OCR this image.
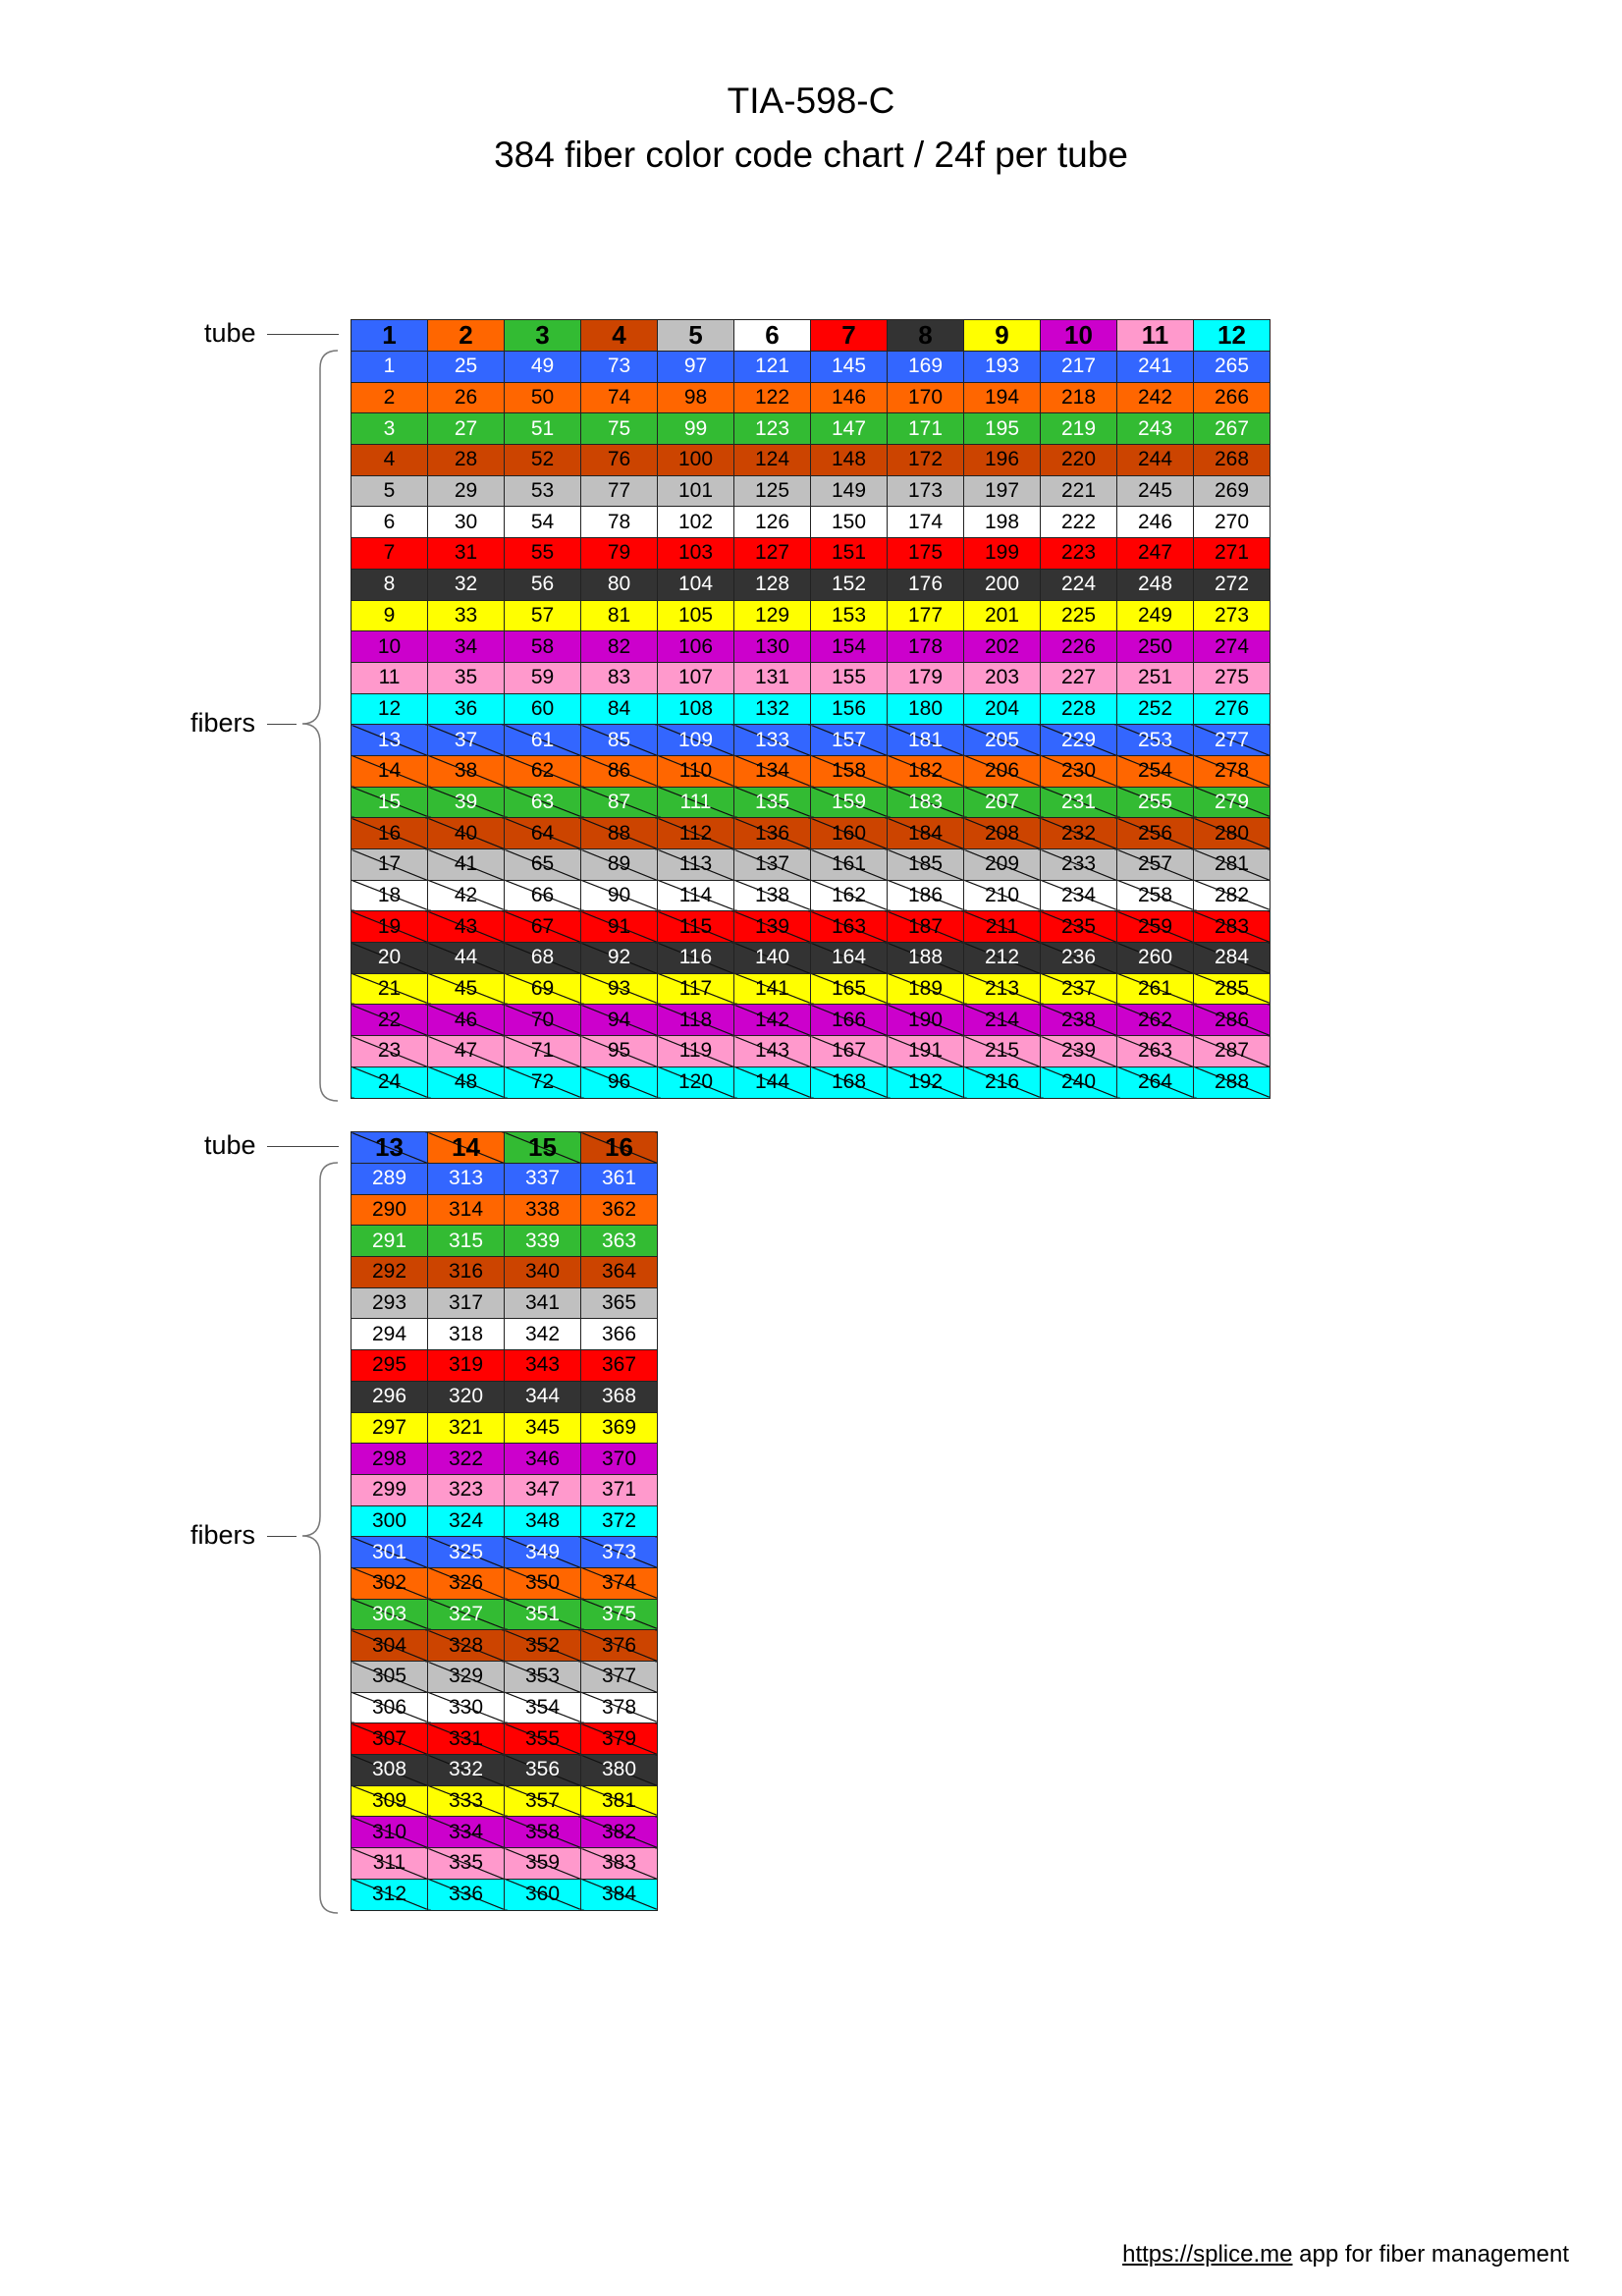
TIA-598-C
384 fiber color code chart / 24f per tube
tube
fibers
tube
fibers
1	2	3	4	5	6	7	8	9	10	11	12
1	25	49	73	97	121	145	169	193	217	241	265
2	26	50	74	98	122	146	170	194	218	242	266
3	27	51	75	99	123	147	171	195	219	243	267
4	28	52	76	100	124	148	172	196	220	244	268
5	29	53	77	101	125	149	173	197	221	245	269
6	30	54	78	102	126	150	174	198	222	246	270
7	31	55	79	103	127	151	175	199	223	247	271
8	32	56	80	104	128	152	176	200	224	248	272
9	33	57	81	105	129	153	177	201	225	249	273
10	34	58	82	106	130	154	178	202	226	250	274
11	35	59	83	107	131	155	179	203	227	251	275
12	36	60	84	108	132	156	180	204	228	252	276
13	37	61	85	109	133	157	181	205	229	253	277
14	38	62	86	110	134	158	182	206	230	254	278
15	39	63	87	111	135	159	183	207	231	255	279
16	40	64	88	112	136	160	184	208	232	256	280
17	41	65	89	113	137	161	185	209	233	257	281
18	42	66	90	114	138	162	186	210	234	258	282
19	43	67	91	115	139	163	187	211	235	259	283
20	44	68	92	116	140	164	188	212	236	260	284
21	45	69	93	117	141	165	189	213	237	261	285
22	46	70	94	118	142	166	190	214	238	262	286
23	47	71	95	119	143	167	191	215	239	263	287
24	48	72	96	120	144	168	192	216	240	264	288
13	14	15	16
289	313	337	361
290	314	338	362
291	315	339	363
292	316	340	364
293	317	341	365
294	318	342	366
295	319	343	367
296	320	344	368
297	321	345	369
298	322	346	370
299	323	347	371
300	324	348	372
301	325	349	373
302	326	350	374
303	327	351	375
304	328	352	376
305	329	353	377
306	330	354	378
307	331	355	379
308	332	356	380
309	333	357	381
310	334	358	382
311	335	359	383
312	336	360	384
https://splice.me app for fiber management
